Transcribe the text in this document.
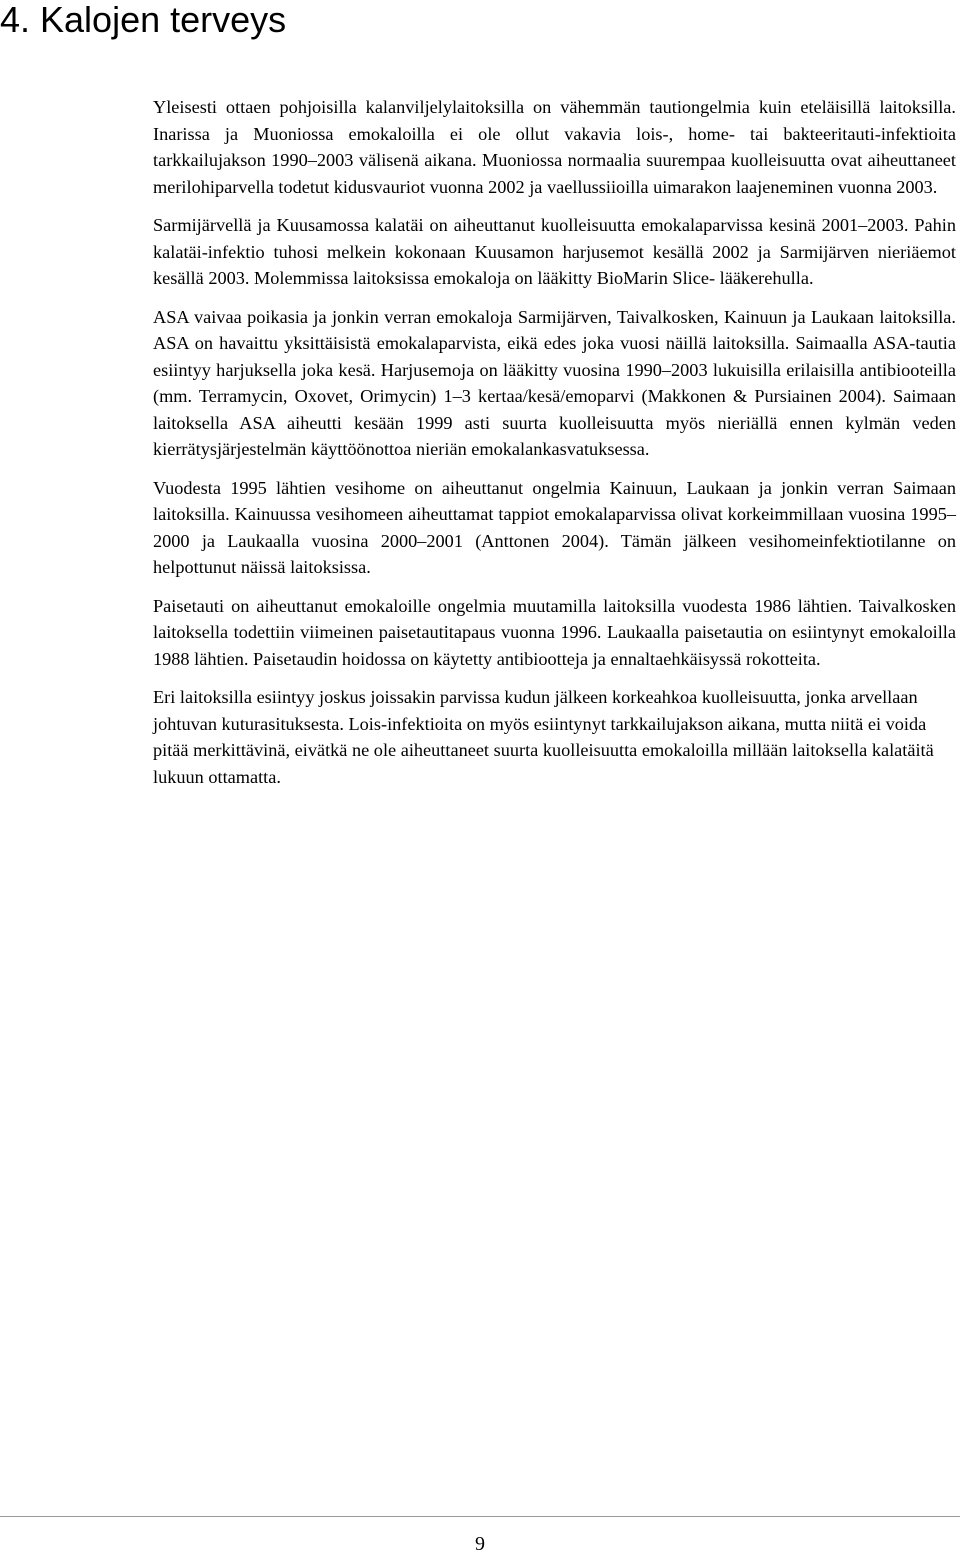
4. Kalojen terveys

Yleisesti ottaen pohjoisilla kalanviljelylaitoksilla on vähemmän tautiongelmia kuin eteläisillä laitoksilla. Inarissa ja Muoniossa emokaloilla ei ole ollut vakavia lois-, home- tai bakteeritauti-infektioita tarkkailujakson 1990–2003 välisenä aikana. Muoniossa normaalia suurempaa kuolleisuutta ovat aiheuttaneet merilohiparvella todetut kidusvauriot vuonna 2002 ja vaellussiioilla uimarakon laajeneminen vuonna 2003.

Sarmijärvellä ja Kuusamossa kalatäi on aiheuttanut kuolleisuutta emokalaparvissa kesinä 2001–2003. Pahin kalatäi-infektio tuhosi melkein kokonaan Kuusamon harjusemot kesällä 2002 ja Sarmijärven nieriäemot kesällä 2003. Molemmissa laitoksissa emokaloja on lääkitty BioMarin Slice- lääkerehulla.

ASA vaivaa poikasia ja jonkin verran emokaloja Sarmijärven, Taivalkosken, Kainuun ja Laukaan laitoksilla. ASA on havaittu yksittäisistä emokalaparvista, eikä edes joka vuosi näillä laitoksilla. Saimaalla ASA-tautia esiintyy harjuksella joka kesä. Harjusemoja on lääkitty vuosina 1990–2003 lukuisilla erilaisilla antibiooteilla (mm. Terramycin, Oxovet, Orimycin) 1–3 kertaa/kesä/emoparvi (Makkonen & Pursiainen 2004). Saimaan laitoksella ASA aiheutti kesään 1999 asti suurta kuolleisuutta myös nieriällä ennen kylmän veden kierrätysjärjestelmän käyttöönottoa nieriän emokalankasvatuksessa.

Vuodesta 1995 lähtien vesihome on aiheuttanut ongelmia Kainuun, Laukaan ja jonkin verran Saimaan laitoksilla. Kainuussa vesihomeen aiheuttamat tappiot emokalaparvissa olivat korkeimmillaan vuosina 1995–2000 ja Laukaalla vuosina 2000–2001 (Anttonen 2004). Tämän jälkeen vesihomeinfektiotilanne on helpottunut näissä laitoksissa.

Paisetauti on aiheuttanut emokaloille ongelmia muutamilla laitoksilla vuodesta 1986 lähtien. Taivalkosken laitoksella todettiin viimeinen paisetautitapaus vuonna 1996. Laukaalla paisetautia on esiintynyt emokaloilla 1988 lähtien. Paisetaudin hoidossa on käytetty antibiootteja ja ennaltaehkäisyssä rokotteita.

Eri laitoksilla esiintyy joskus joissakin parvissa kudun jälkeen korkeahkoa kuolleisuutta, jonka arvellaan johtuvan kuturasituksesta. Lois-infektioita on myös esiintynyt tarkkailujakson aikana, mutta niitä ei voida pitää merkittävinä, eivätkä ne ole aiheuttaneet suurta kuolleisuutta emokaloilla millään laitoksella kalatäitä lukuun ottamatta.

9
